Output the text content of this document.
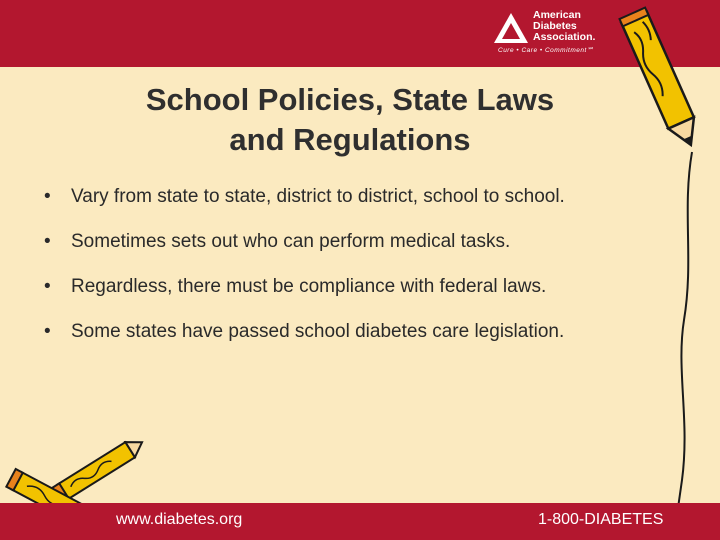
American
Diabetes
Association.
Cure • Care • Commitment℠
School Policies, State Laws
and Regulations
• Vary from state to state, district to district, school to school.
• Sometimes sets out who can perform medical tasks.
• Regardless, there must be compliance with federal laws.
• Some states have passed school diabetes care legislation.
www.diabetes.org	1-800-DIABETES
